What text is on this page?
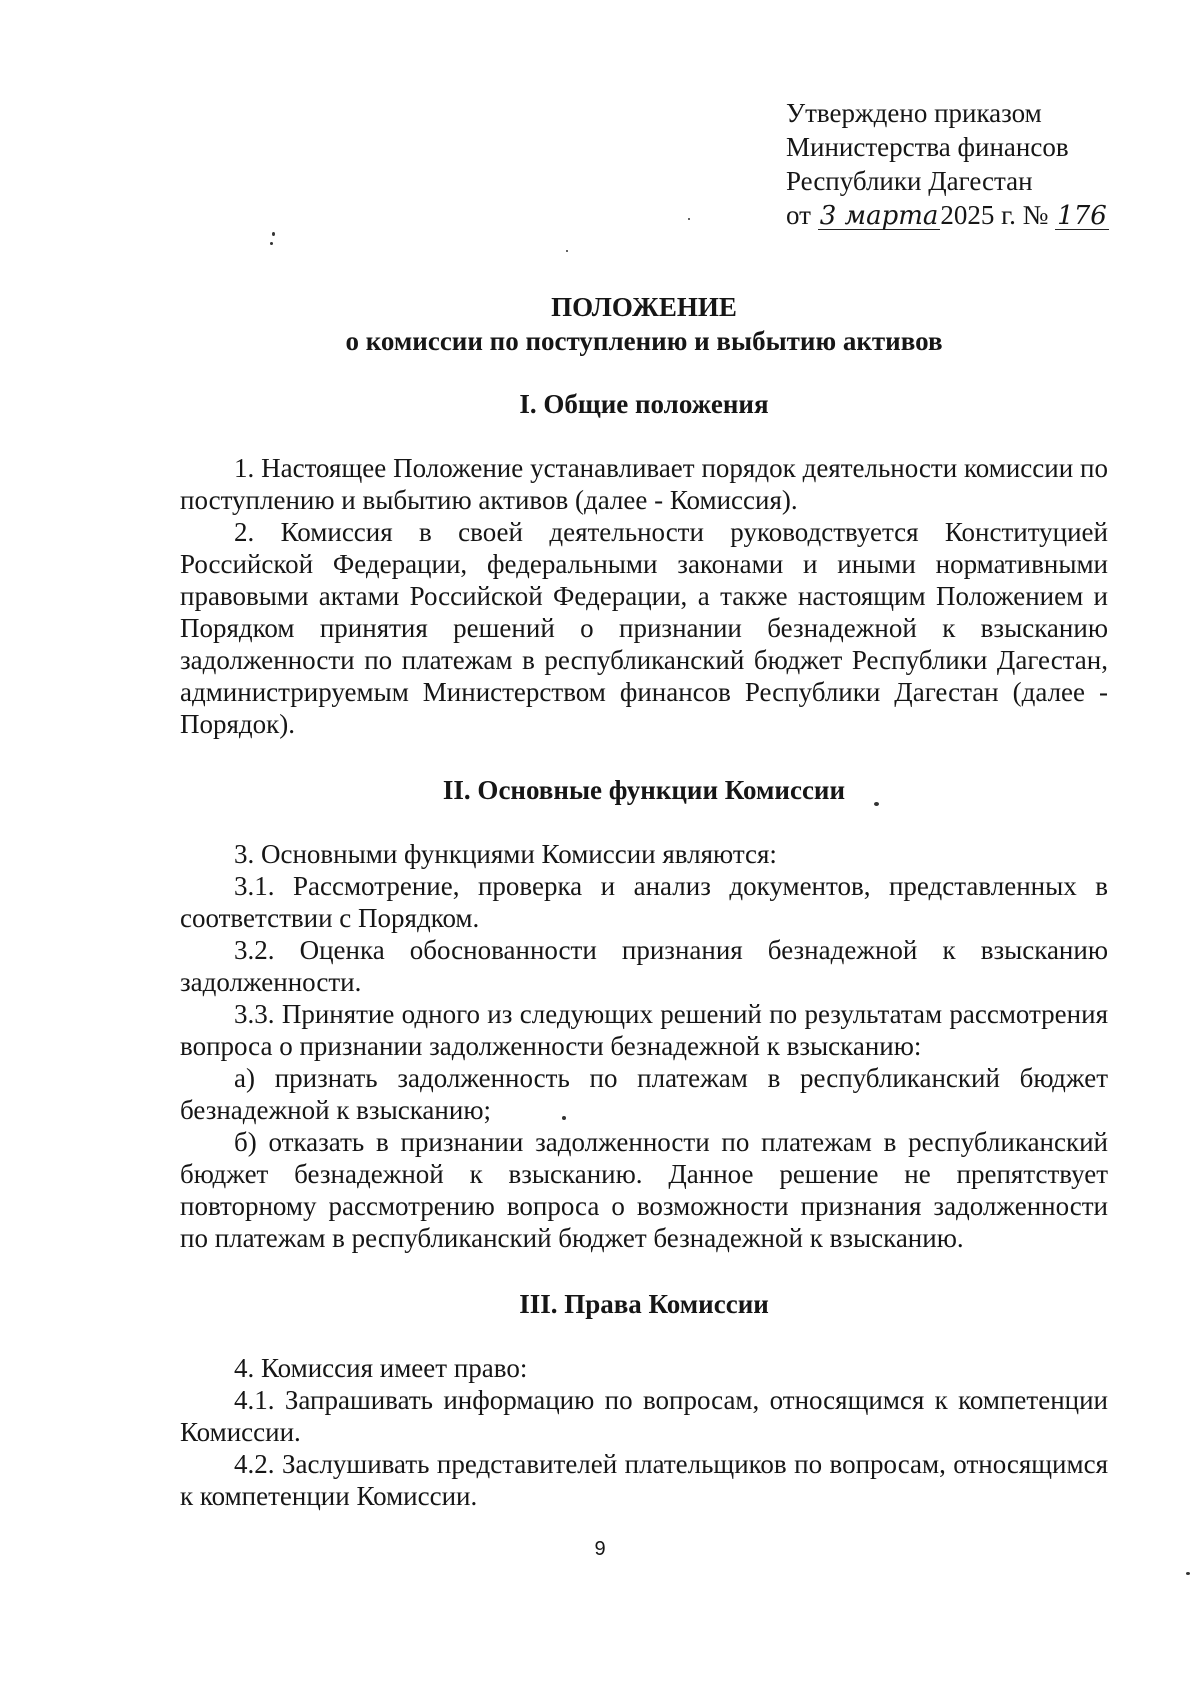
Утверждено приказом
Министерства финансов
Республики Дагестан
от 3 марта2025 г. № 176
ПОЛОЖЕНИЕ
о комиссии по поступлению и выбытию активов
I. Общие положения

1. Настоящее Положение устанавливает порядок деятельности комиссии по поступлению и выбытию активов (далее - Комиссия).

2. Комиссия в своей деятельности руководствуется Конституцией Российской Федерации, федеральными законами и иными нормативными правовыми актами Российской Федерации, а также настоящим Положением и Порядком принятия решений о признании безнадежной к взысканию задолженности по платежам в республиканский бюджет Республики Дагестан, администрируемым Министерством финансов Республики Дагестан (далее - Порядок).

II. Основные функции Комиссии

3. Основными функциями Комиссии являются:

3.1. Рассмотрение, проверка и анализ документов, представленных в соответствии с Порядком.

3.2. Оценка обоснованности признания безнадежной к взысканию задолженности.

3.3. Принятие одного из следующих решений по результатам рассмотрения вопроса о признании задолженности безнадежной к взысканию:

а) признать задолженность по платежам в республиканский бюджет безнадежной к взысканию;

б) отказать в признании задолженности по платежам в республиканский бюджет безнадежной к взысканию. Данное решение не препятствует повторному рассмотрению вопроса о возможности признания задолженности по платежам в республиканский бюджет безнадежной к взысканию.

III. Права Комиссии

4. Комиссия имеет право:

4.1. Запрашивать информацию по вопросам, относящимся к компетенции Комиссии.

4.2. Заслушивать представителей плательщиков по вопросам, относящимся к компетенции Комиссии.

9
